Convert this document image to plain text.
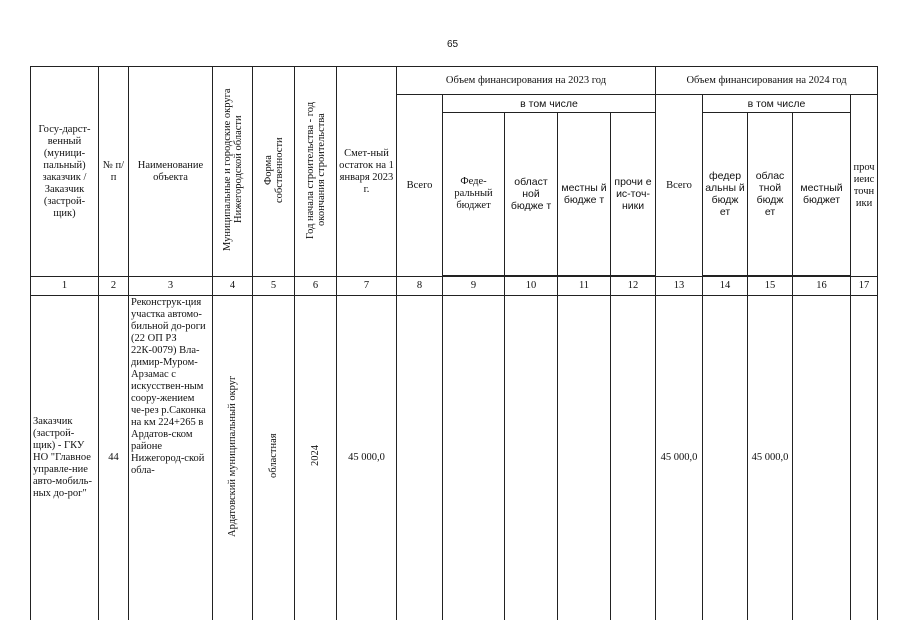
65
Госу-дарст-венный (муници-пальный) заказчик / Заказчик (застрой-щик)	№ п/п	Наименование объекта	Муниципальные и городские округа Нижегородской области	Форма собственности	Год начала строительства - год окончания строительства	Смет-ный остаток на 1 января 2023 г.	Объем финансирования на 2023 год					Объем финансирования на 2024 год				
							Всего	в том числе				Всего	в том числе			прочиеисточники
								Феде-ральный бюджет	област ной бюдже т	местны й бюдже т	прочи е ис-точ-ники		федер альны й бюдж ет	облас тной бюдж ет	местный бюджет	

1	2	3	4	5	6	7	8	9	10	11	12	13	14	15	16	17
Заказчик (застрой-щик) - ГКУ НО "Главное управле-ние авто-мобиль-ных до-рог"	44	Реконструк-ция участка автомо-бильной до-роги (22 ОП РЗ 22К-0079) Вла-димир-Муром-Арзамас с искусствен-ным соору-жением че-рез р.Саконка на км 224+265 в Ардатов-ском районе Нижегород-ской обла-	Ардатовский муниципальный округ	областная	2024	45 000,0						45 000,0		45 000,0		
